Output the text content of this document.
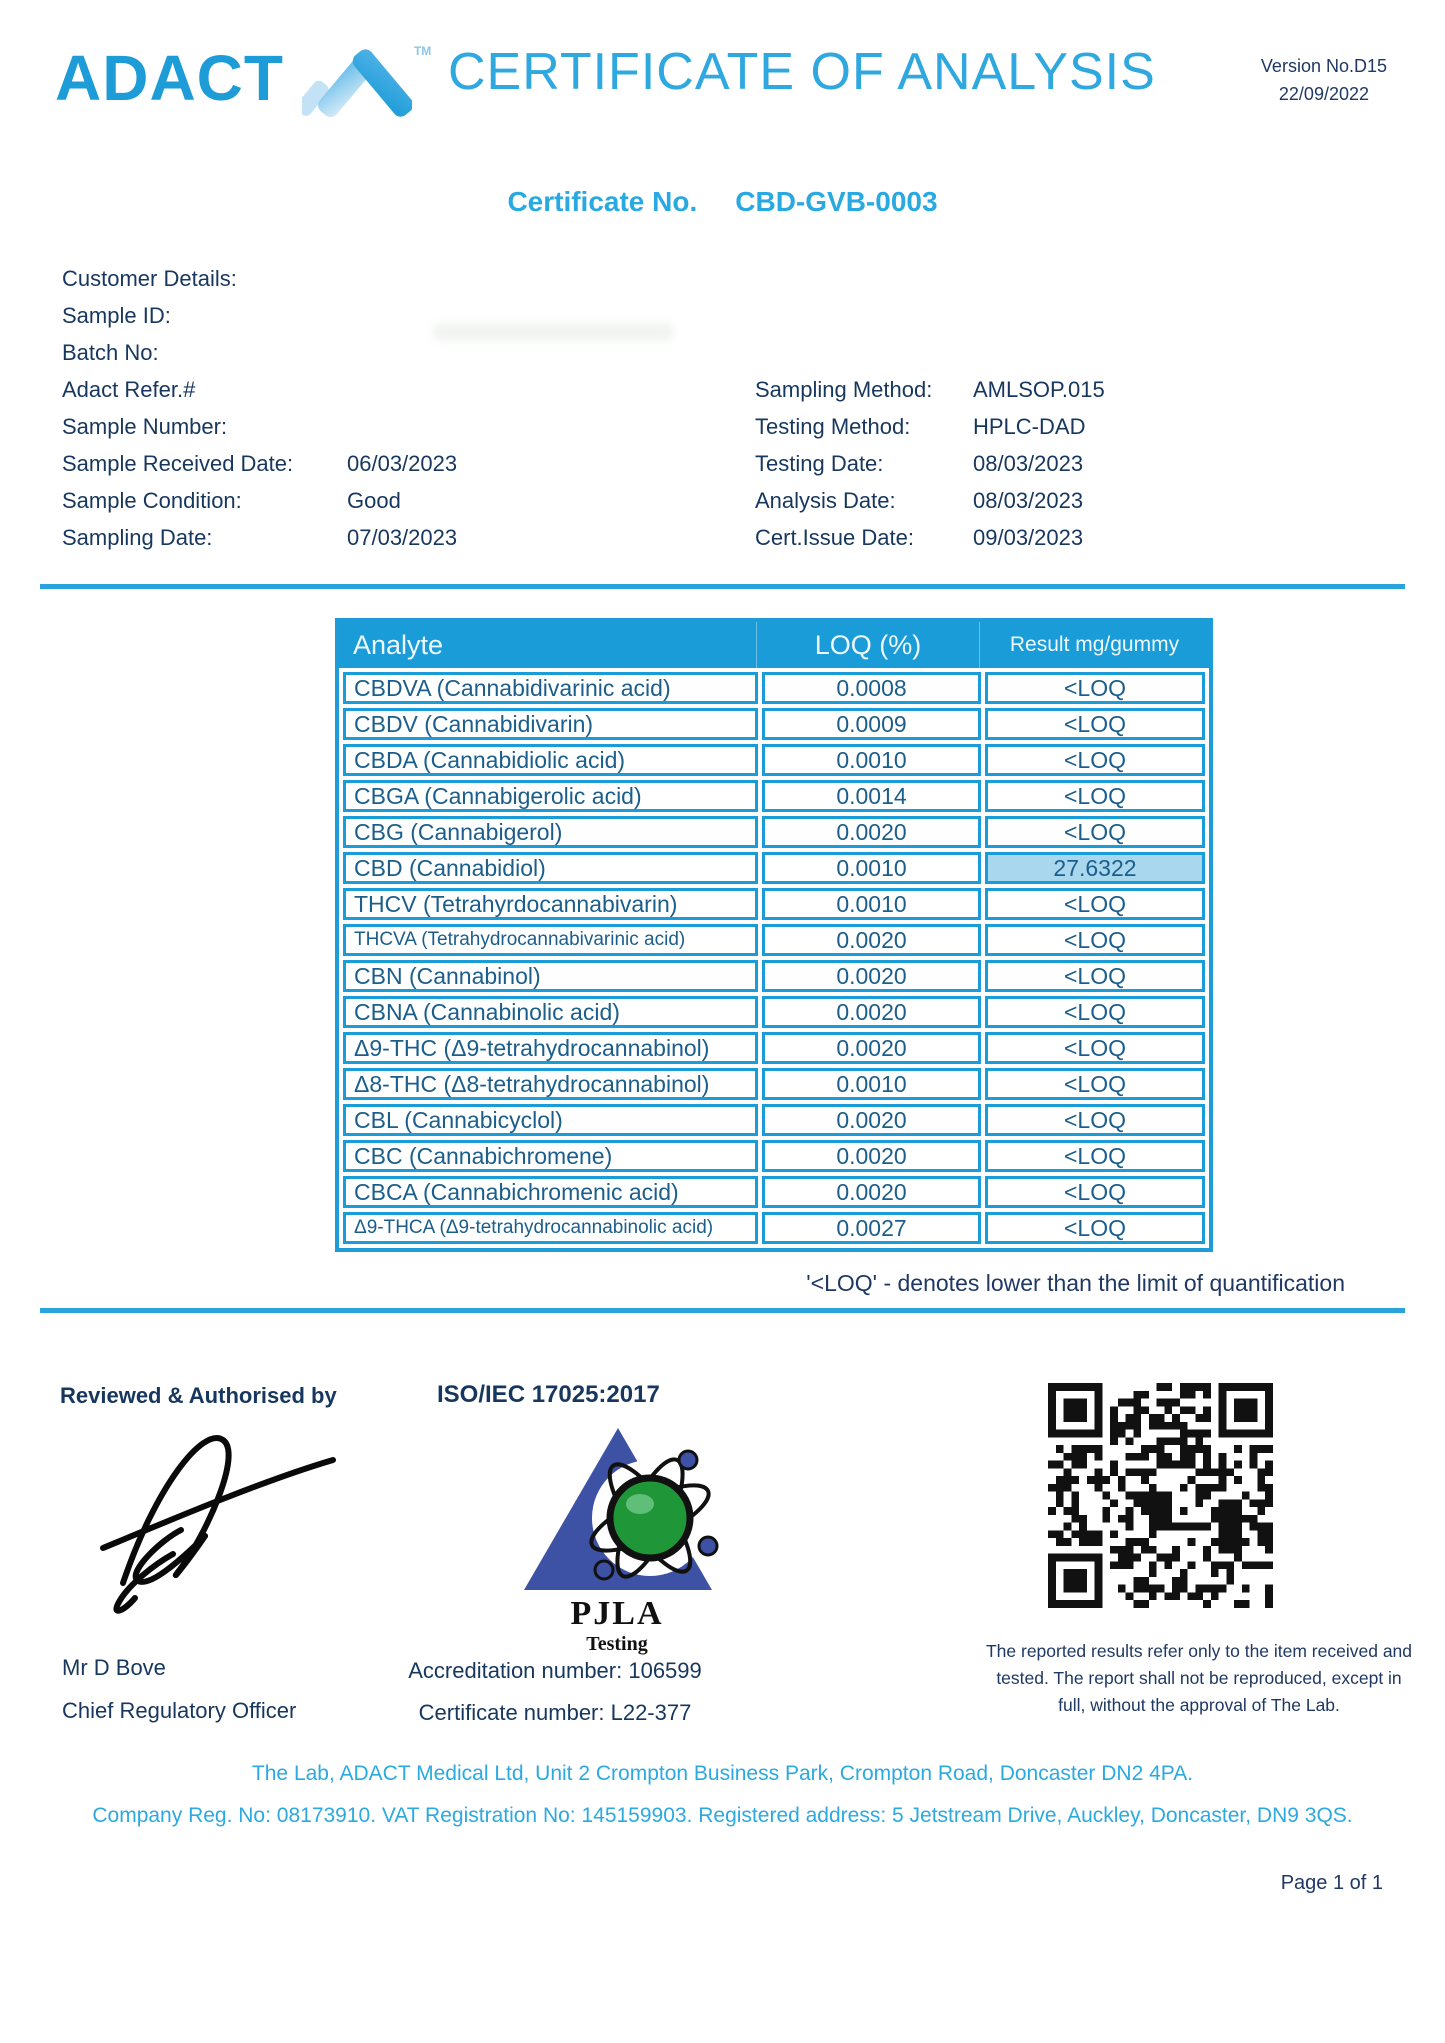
ADACT	TM CERTIFICATE OF ANALYSIS	Version No.D15
22/09/2022
Certificate No. CBD-GVB-0003
Customer Details:
Sample ID:
Batch No:
Adact Refer.#
Sample Number:
Sample Received Date:	06/03/2023
Sample Condition:	Good
Sampling Date:	07/03/2023
Sampling Method:	AMLSOP.015
Testing Method:	HPLC-DAD
Testing Date:	08/03/2023
Analysis Date:	08/03/2023
Cert.Issue Date:	09/03/2023
Analyte	LOQ (%)	Result mg/gummy
CBDVA (Cannabidivarinic acid)	0.0008	<LOQ
CBDV (Cannabidivarin)	0.0009	<LOQ
CBDA (Cannabidiolic acid)	0.0010	<LOQ
CBGA (Cannabigerolic acid)	0.0014	<LOQ
CBG (Cannabigerol)	0.0020	<LOQ
CBD (Cannabidiol)	0.0010	27.6322
THCV (Tetrahyrdocannabivarin)	0.0010	<LOQ
THCVA (Tetrahydrocannabivarinic acid)	0.0020	<LOQ
CBN (Cannabinol)	0.0020	<LOQ
CBNA (Cannabinolic acid)	0.0020	<LOQ
Δ9-THC (Δ9-tetrahydrocannabinol)	0.0020	<LOQ
Δ8-THC (Δ8-tetrahydrocannabinol)	0.0010	<LOQ
CBL (Cannabicyclol)	0.0020	<LOQ
CBC (Cannabichromene)	0.0020	<LOQ
CBCA (Cannabichromenic acid)	0.0020	<LOQ
Δ9-THCA (Δ9-tetrahydrocannabinolic acid)	0.0027	<LOQ
'<LOQ' - denotes lower than the limit of quantification
Reviewed & Authorised by	ISO/IEC 17025:2017
PJLA
Testing	The reported results refer only to the item received and tested. The report shall not be reproduced, except in full, without the approval of The Lab.
Mr D Bove
Chief Regulatory Officer
Accreditation number: 106599
Certificate number: L22-377
The Lab, ADACT Medical Ltd, Unit 2 Crompton Business Park, Crompton Road, Doncaster DN2 4PA.
Company Reg. No: 08173910. VAT Registration No: 145159903. Registered address: 5 Jetstream Drive, Auckley, Doncaster, DN9 3QS.
Page 1 of 1
